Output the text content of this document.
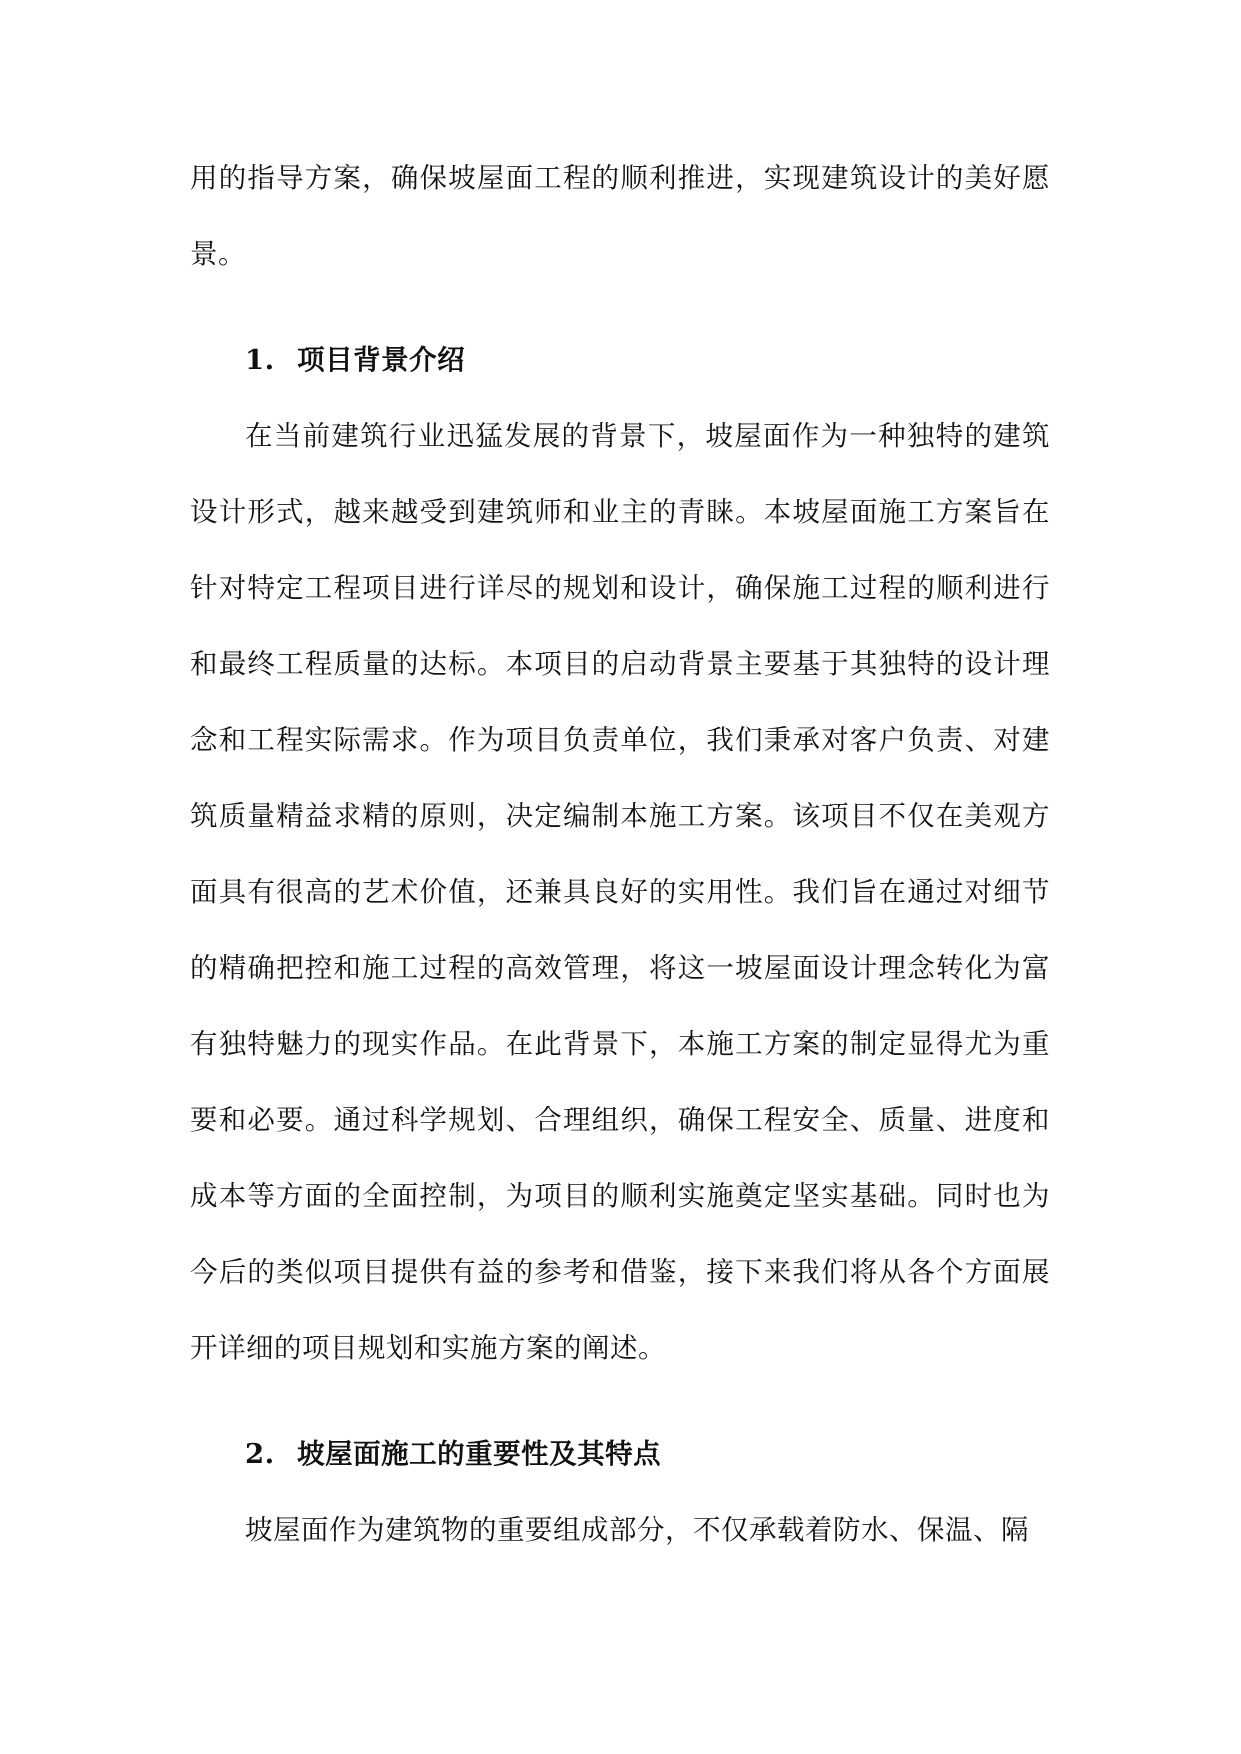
用的指导方案，确保坡屋面工程的顺利推进，实现建筑设计的美好愿景。

1. 项目背景介绍

在当前建筑行业迅猛发展的背景下，坡屋面作为一种独特的建筑设计形式，越来越受到建筑师和业主的青睐。本坡屋面施工方案旨在针对特定工程项目进行详尽的规划和设计，确保施工过程的顺利进行和最终工程质量的达标。本项目的启动背景主要基于其独特的设计理念和工程实际需求。作为项目负责单位，我们秉承对客户负责、对建筑质量精益求精的原则，决定编制本施工方案。该项目不仅在美观方面具有很高的艺术价值，还兼具良好的实用性。我们旨在通过对细节的精确把控和施工过程的高效管理，将这一坡屋面设计理念转化为富有独特魅力的现实作品。在此背景下，本施工方案的制定显得尤为重要和必要。通过科学规划、合理组织，确保工程安全、质量、进度和成本等方面的全面控制，为项目的顺利实施奠定坚实基础。同时也为今后的类似项目提供有益的参考和借鉴，接下来我们将从各个方面展开详细的项目规划和实施方案的阐述。

2. 坡屋面施工的重要性及其特点

坡屋面作为建筑物的重要组成部分，不仅承载着防水、保温、隔
